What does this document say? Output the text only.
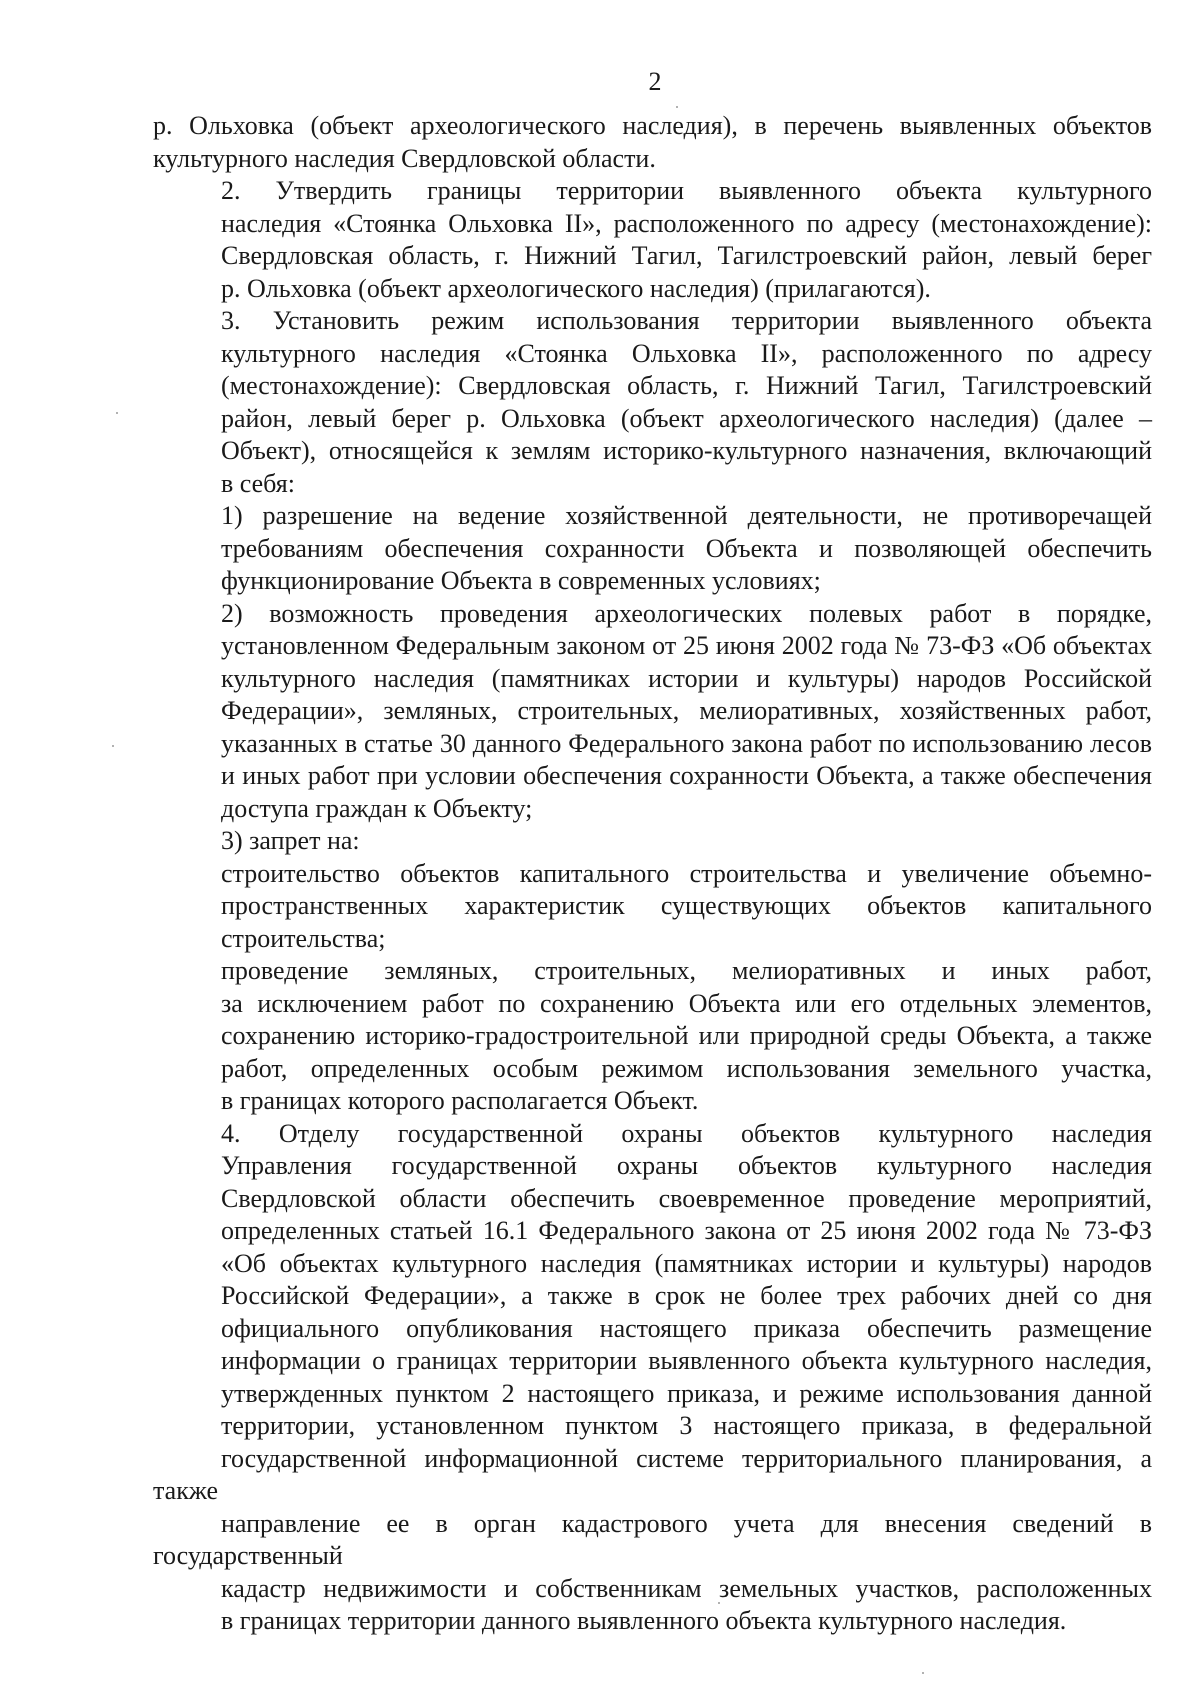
2

р. Ольховка (объект археологического наследия), в перечень выявленных объектов
культурного наследия Свердловской области.

2. Утвердить границы территории выявленного объекта культурного
наследия «Стоянка Ольховка II», расположенного по адресу (местонахождение):
Свердловская область, г. Нижний Тагил, Тагилстроевский район, левый берег
р. Ольховка (объект археологического наследия) (прилагаются).

3. Установить режим использования территории выявленного объекта
культурного наследия «Стоянка Ольховка II», расположенного по адресу
(местонахождение): Свердловская область, г. Нижний Тагил, Тагилстроевский
район, левый берег р. Ольховка (объект археологического наследия) (далее –
Объект), относящейся к землям историко-культурного назначения, включающий
в себя:

1) разрешение на ведение хозяйственной деятельности, не противоречащей
требованиям обеспечения сохранности Объекта и позволяющей обеспечить
функционирование Объекта в современных условиях;

2) возможность проведения археологических полевых работ в порядке,
установленном Федеральным законом от 25 июня 2002 года № 73-ФЗ «Об объектах
культурного наследия (памятниках истории и культуры) народов Российской
Федерации», земляных, строительных, мелиоративных, хозяйственных работ,
указанных в статье 30 данного Федерального закона работ по использованию лесов
и иных работ при условии обеспечения сохранности Объекта, а также обеспечения
доступа граждан к Объекту;

3) запрет на:

строительство объектов капитального строительства и увеличение объемно-
пространственных характеристик существующих объектов капитального
строительства;

проведение земляных, строительных, мелиоративных и иных работ,
за исключением работ по сохранению Объекта или его отдельных элементов,
сохранению историко-градостроительной или природной среды Объекта, а также
работ, определенных особым режимом использования земельного участка,
в границах которого располагается Объект.

4. Отделу государственной охраны объектов культурного наследия
Управления государственной охраны объектов культурного наследия
Свердловской области обеспечить своевременное проведение мероприятий,
определенных статьей 16.1 Федерального закона от 25 июня 2002 года № 73-ФЗ
«Об объектах культурного наследия (памятниках истории и культуры) народов
Российской Федерации», а также в срок не более трех рабочих дней со дня
официального опубликования настоящего приказа обеспечить размещение
информации о границах территории выявленного объекта культурного наследия,
утвержденных пунктом 2 настоящего приказа, и режиме использования данной
территории, установленном пунктом 3 настоящего приказа, в федеральной
государственной информационной системе территориального планирования, а также
направление ее в орган кадастрового учета для внесения сведений в государственный
кадастр недвижимости и собственникам земельных участков, расположенных
в границах территории данного выявленного объекта культурного наследия.
